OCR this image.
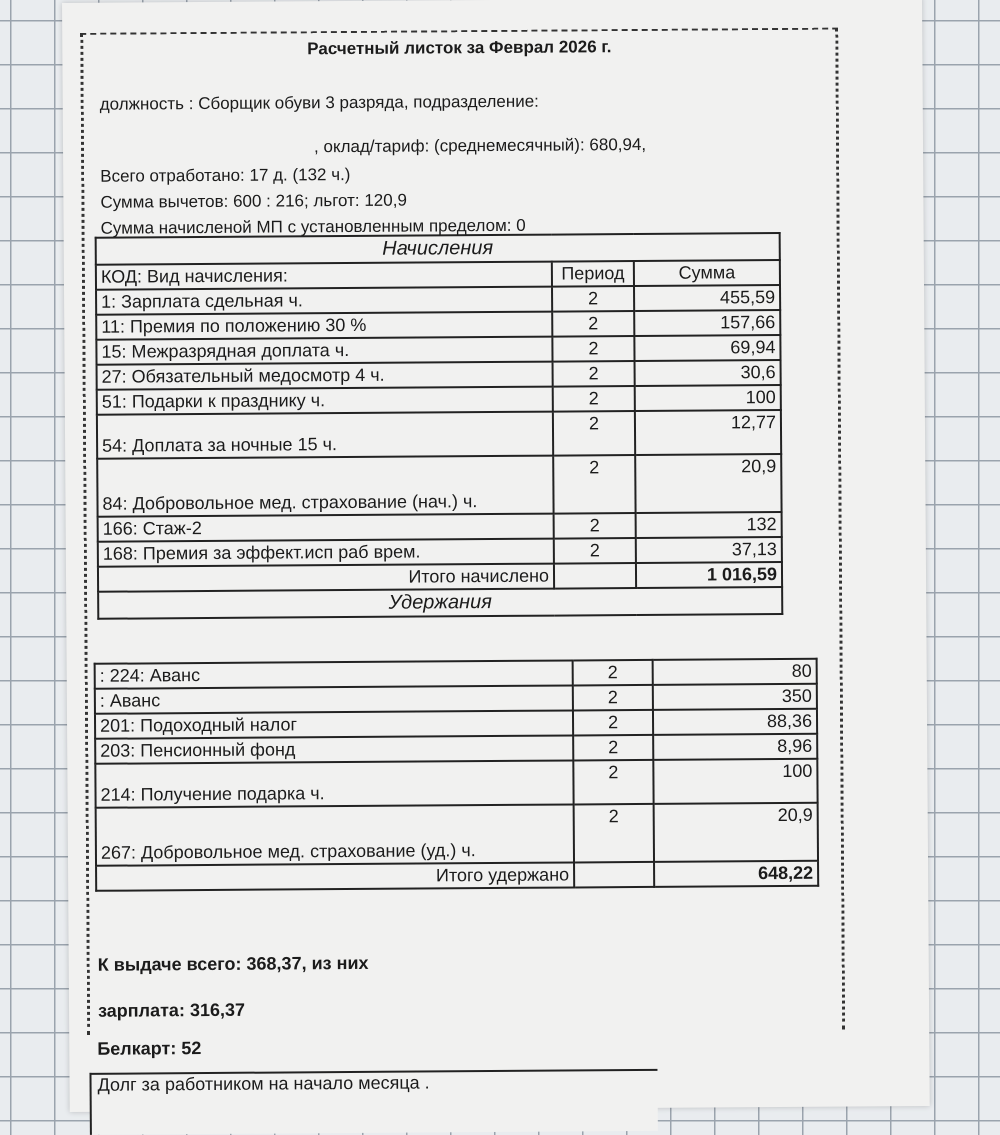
Расчетный листок за Феврал 2026 г.
должность : Сборщик обуви 3 разряда, подразделение:
, оклад/тариф: (среднемесячный): 680,94,
Всего отработано: 17 д. (132 ч.)
Сумма вычетов: 600 : 216; льгот: 120,9
Сумма начисленой МП с установленным пределом: 0
Начисления		
КОД: Вид начисления:	Период	Сумма
1: Зарплата сдельная ч.	2	455,59
11: Премия по положению 30 %	2	157,66
15: Межразрядная доплата ч.	2	69,94
27: Обязательный медосмотр 4 ч.	2	30,6
51: Подарки к празднику ч.	2	100
54: Доплата за ночные 15 ч.	2	12,77
84: Добровольное мед. страхование (нач.) ч.	2	20,9
166: Стаж-2	2	132
168: Премия за эффект.исп раб врем.	2	37,13
Итого начислено		1 016,59
Удержания		
: 224: Аванс	2	80
: Аванс	2	350
201: Подоходный налог	2	88,36
203: Пенсионный фонд	2	8,96
214: Получение подарка ч.	2	100
267: Добровольное мед. страхование (уд.) ч.	2	20,9
Итого удержано		648,22
К выдаче всего: 368,37, из них
зарплата: 316,37
Белкарт: 52
Долг за работником на начало месяца .
